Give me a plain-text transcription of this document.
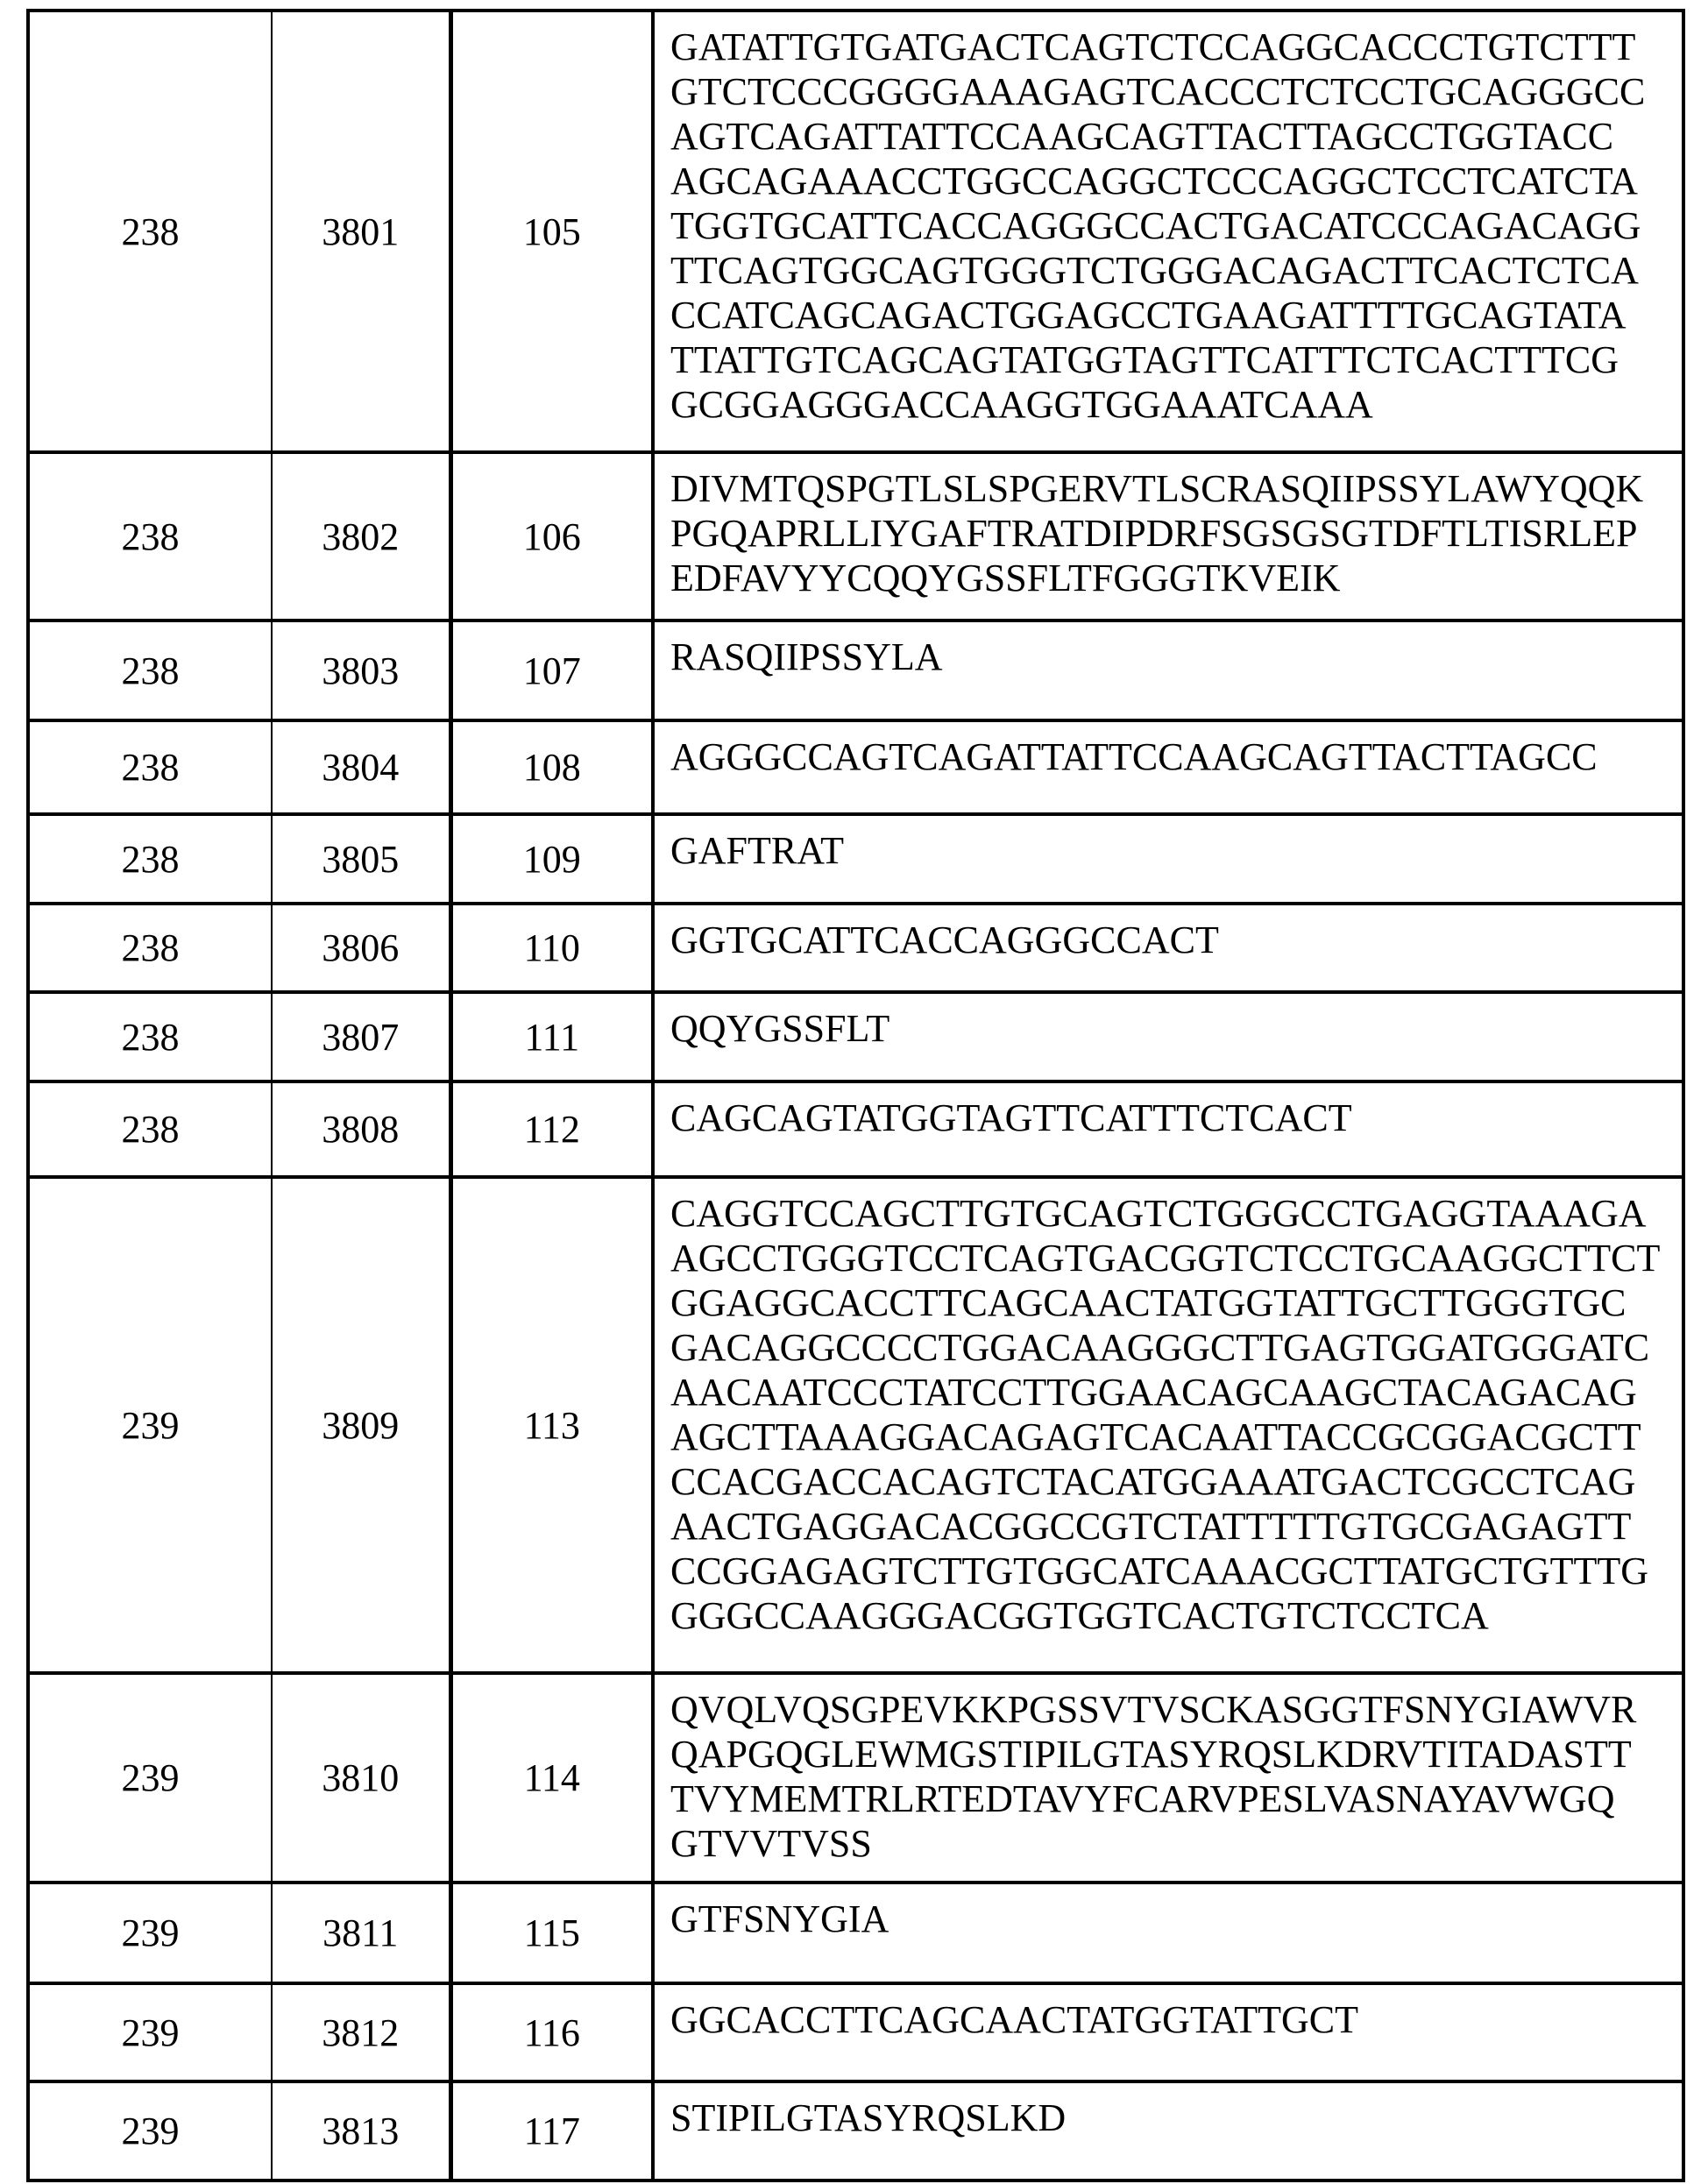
238	3801	105	
GATATTGTGATGACTCAGTCTCCAGGCACCCTGTCTTT
GTCTCCCGGGGAAAGAGTCACCCTCTCCTGCAGGGCC
AGTCAGATTATTCCAAGCAGTTACTTAGCCTGGTACC
AGCAGAAACCTGGCCAGGCTCCCAGGCTCCTCATCTA
TGGTGCATTCACCAGGGCCACTGACATCCCAGACAGG
TTCAGTGGCAGTGGGTCTGGGACAGACTTCACTCTCA
CCATCAGCAGACTGGAGCCTGAAGATTTTGCAGTATA
TTATTGTCAGCAGTATGGTAGTTCATTTCTCACTTTCG
GCGGAGGGACCAAGGTGGAAATCAAA

238	3802	106	DIVMTQSPGTLSLSPGERVTLSCRASQIIPSSYLAWYQQK
PGQAPRLLIYGAFTRATDIPDRFSGSGSGTDFTLTISRLEP
EDFAVYYCQQYGSSFLTFGGGTKVEIK

238	3803	107	RASQIIPSSYLA

238	3804	108	AGGGCCAGTCAGATTATTCCAAGCAGTTACTTAGCC

238	3805	109	GAFTRAT

238	3806	110	GGTGCATTCACCAGGGCCACT

238	3807	111	QQYGSSFLT

238	3808	112	CAGCAGTATGGTAGTTCATTTCTCACT

239	3809	113	
CAGGTCCAGCTTGTGCAGTCTGGGCCTGAGGTAAAGA
AGCCTGGGTCCTCAGTGACGGTCTCCTGCAAGGCTTCT
GGAGGCACCTTCAGCAACTATGGTATTGCTTGGGTGC
GACAGGCCCCTGGACAAGGGCTTGAGTGGATGGGATC
AACAATCCCTATCCTTGGAACAGCAAGCTACAGACAG
AGCTTAAAGGACAGAGTCACAATTACCGCGGACGCTT
CCACGACCACAGTCTACATGGAAATGACTCGCCTCAG
AACTGAGGACACGGCCGTCTATTTTTGTGCGAGAGTT
CCGGAGAGTCTTGTGGCATCAAACGCTTATGCTGTTTG
GGGCCAAGGGACGGTGGTCACTGTCTCCTCA

239	3810	114	QVQLVQSGPEVKKPGSSVTVSCKASGGTFSNYGIAWVR
QAPGQGLEWMGSTIPILGTASYRQSLKDRVTITADASTT
TVYMEMTRLRTEDTAVYFCARVPESLVASNAYAVWGQ
GTVVTVSS

239	3811	115	GTFSNYGIA

239	3812	116	GGCACCTTCAGCAACTATGGTATTGCT

239	3813	117	STIPILGTASYRQSLKD
